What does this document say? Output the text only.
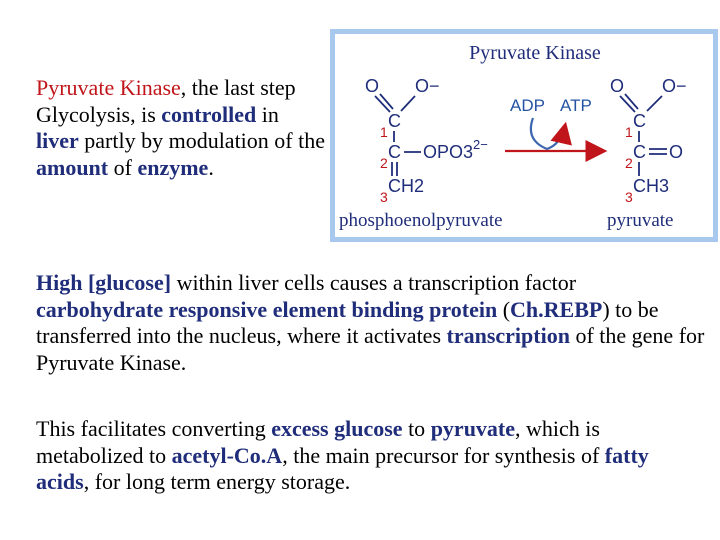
Pyruvate Kinase, the last step Glycolysis, is controlled in liver partly by modulation of the amount of enzyme.

Pyruvate Kinase
O O−
C
1
C OPO3 2−
2
CH2
3
ADP ATP
O O−
C
1
C O
2
CH3
3
phosphoenolpyruvate	pyruvate

High [glucose] within liver cells causes a transcription factor carbohydrate responsive element binding protein (Ch.REBP) to be transferred into the nucleus, where it activates transcription of the gene for Pyruvate Kinase.

This facilitates converting excess glucose to pyruvate, which is metabolized to acetyl-Co.A, the main precursor for synthesis of fatty acids, for long term energy storage.
